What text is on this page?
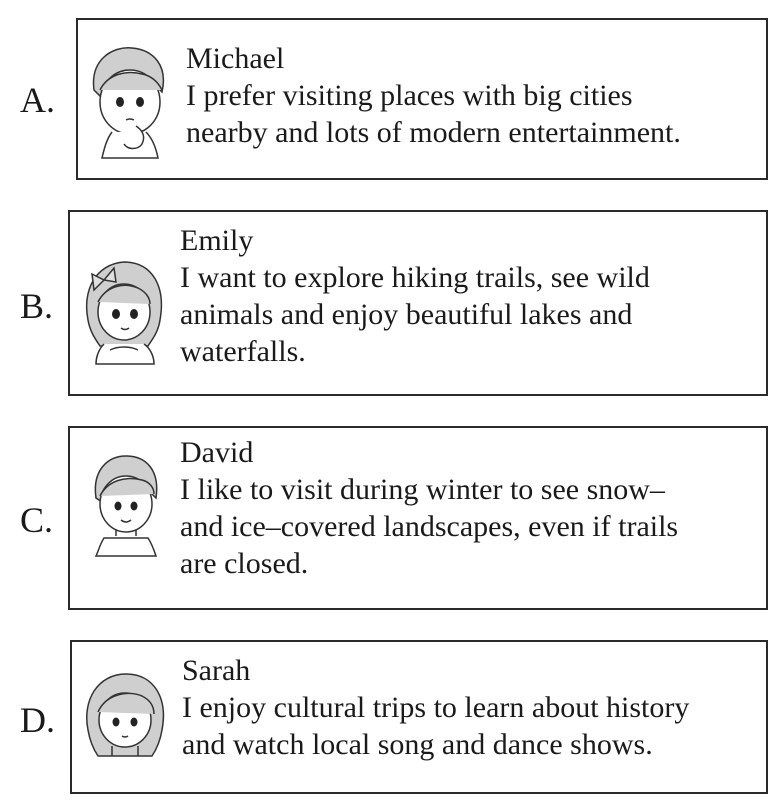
A.
Michael
I prefer visiting places with big cities
nearby and lots of modern entertainment.
B.
Emily
I want to explore hiking trails, see wild
animals and enjoy beautiful lakes and
waterfalls.
C.
David
I like to visit during winter to see snow–
and ice–covered landscapes, even if trails
are closed.
D.
Sarah
I enjoy cultural trips to learn about history
and watch local song and dance shows.
